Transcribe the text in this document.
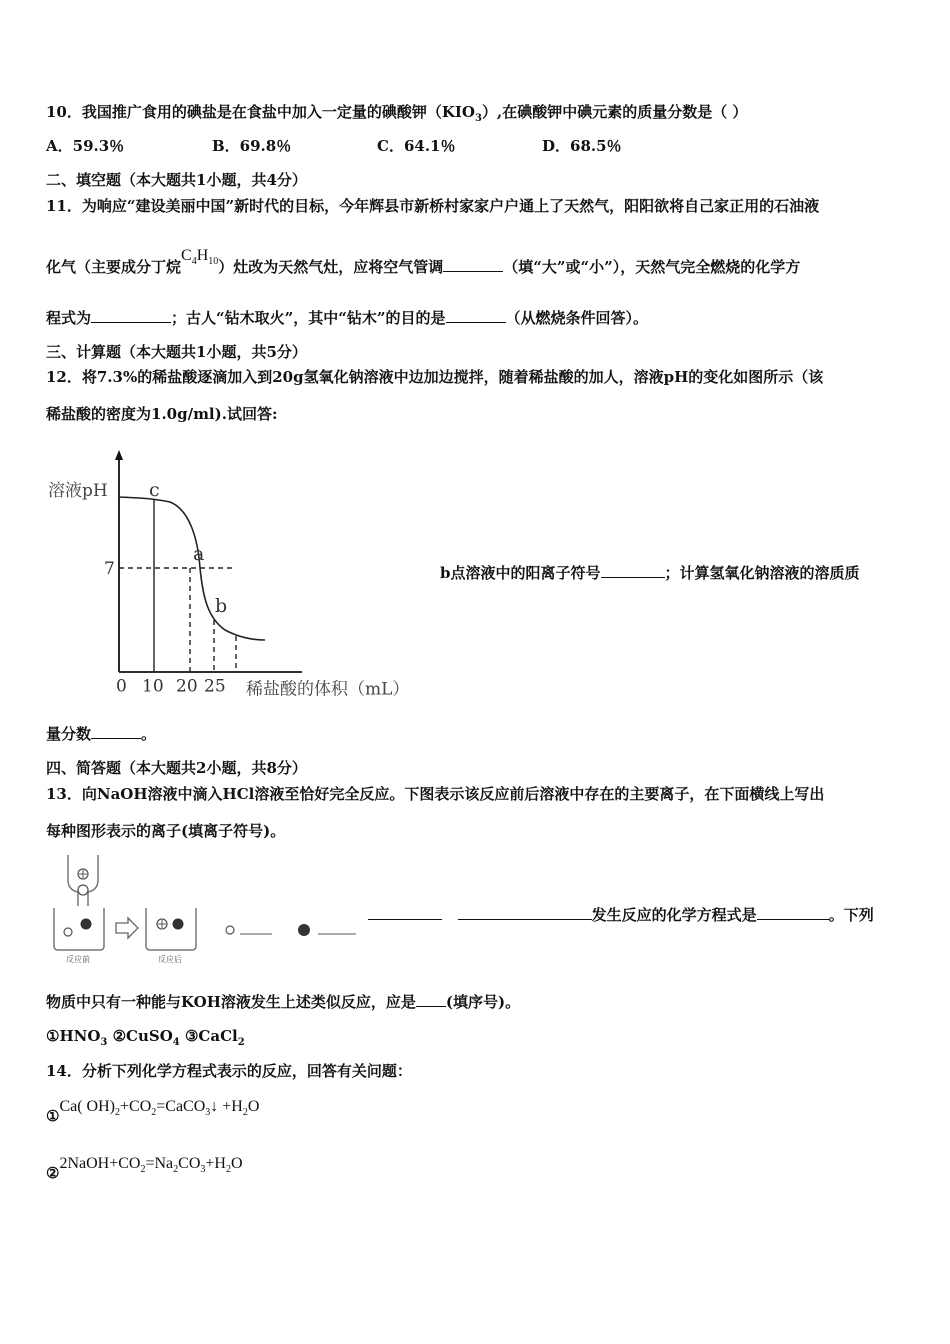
10．我国推广食用的碘盐是在食盐中加入一定量的碘酸钾$(KIO_3)$,在碘酸钾中碘元素的质量分数是（ ）
A．59.3％	B．69.8％	C．64.1％	D．68.5％
二、填空题（本大题共1小题，共4分）
11．为响应“建设美丽中国”新时代的目标，今年辉县市新桥村家家户户通上了天然气，阳阳欲将自己家正用的石油液
化气（主要成分丁烷$C_4H_{10}$）灶改为天然气灶，应将空气管调	（填“大”或“小”），天然气完全燃烧的化学方
程式为	；古人“钻木取火”，其中“钻木”的目的是	（从燃烧条件回答）。
三、计算题（本大题共1小题，共5分）
12．将7.3%的稀盐酸逐滴加入到20g氢氧化钠溶液中边加边搅拌，随着稀盐酸的加人，溶液pH的变化如图所示（该
稀盐酸的密度为1.0g/ml).试回答:
溶液pH
7
c
a
b
0 10 20 25 稀盐酸的体积（mL）
b点溶液中的阳离子符号	；计算氢氧化钠溶液的溶质质
量分数	。
四、简答题（本大题共2小题，共8分）
13．向NaOH溶液中滴入HCl溶液至恰好完全反应。下图表示该反应前后溶液中存在的主要离子，在下面横线上写出
每种图形表示的离子(填离子符号)。
反应前	反应后
发生反应的化学方程式是	。下列
物质中只有一种能与KOH溶液发生上述类似反应，应是 (填序号)。
$①HNO_3$ ②CuSO$_4$ ③CaCl$_2$
14．分析下列化学方程式表示的反应，回答有关问题：
①Ca( $OH)_2+CO_2=CaCO_3↓ +H_2O$
$②2NaOH+CO_2=Na_2CO_3+H_2O$
